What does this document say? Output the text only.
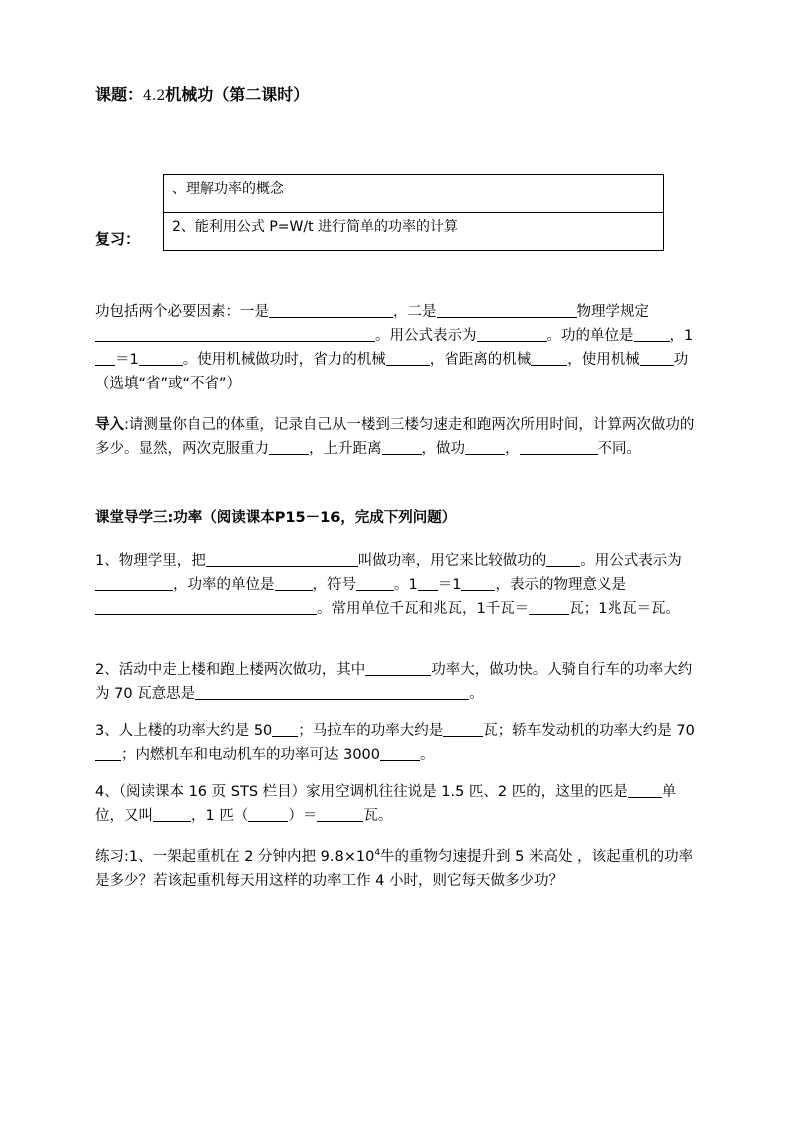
课题：4.2机械功（第二课时）
复习：
、理解功率的概念
2、能利用公式 P=W/t 进行简单的功率的计算

功包括两个必要因素：一是	，二是	物理学规定。用公式表示为	。功的单位是 ，1＝1	。使用机械做功时，省力的机械	，省距离的机械 ，使用机械 功（选填“省”或“不省”）

导入:请测量你自己的体重，记录自己从一楼到三楼匀速走和跑两次所用时间，计算两次做功的多少。显然，两次克服重力	，上升距离	，做功	，	不同。

课堂导学三:功率（阅读课本P15－16，完成下列问题）

1、物理学里，把	叫做功率，用它来比较做功的 。用公式表示为，功率的单位是	，符号	。1 ＝1 ，表示的物理意义是。常用单位千瓦和兆瓦，1千瓦＝	瓦；1兆瓦＝瓦。

2、活动中走上楼和跑上楼两次做功，其中	功率大，做功快。人骑自行车的功率大约为 70 瓦意思是	。

3、人上楼的功率大约是 50 ；马拉车的功率大约是	瓦；轿车发动机的功率大约是 70；内燃机车和电动机车的功率可达 3000	。

4、（阅读课本 16 页 STS 栏目）家用空调机往往说是 1.5 匹、2 匹的，这里的匹是 单位，又叫	，1 匹（	）＝	瓦。

练习:1、一架起重机在 2 分钟内把 $9.8\times 10^4$牛的重物匀速提升到 5 米高处 ，该起重机的功率是多少？若该起重机每天用这样的功率工作 4 小时，则它每天做多少功？
